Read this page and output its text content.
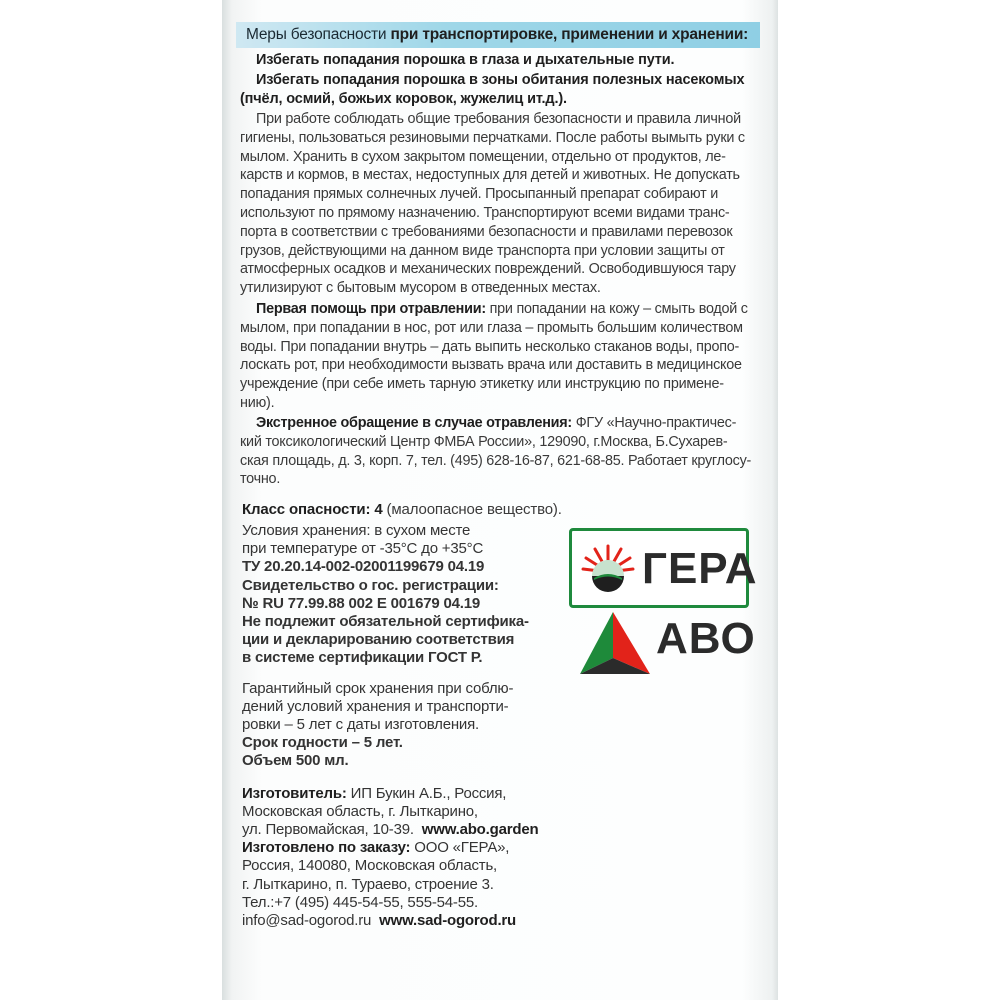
Меры безопасности при транспортировке, применении и хранении:
Избегать попадания порошка в глаза и дыхательные пути.
Избегать попадания порошка в зоны обитания полезных насекомых
(пчёл, осмий, божьих коровок, жужелиц ит.д.).

При работе соблюдать общие требования безопасности и правила личной

гигиены, пользоваться резиновыми перчатками. После работы вымыть руки с

мылом. Хранить в сухом закрытом помещении, отдельно от продуктов, ле-

карств и кормов, в местах, недоступных для детей и животных. Не допускать

попадания прямых солнечных лучей. Просыпанный препарат собирают и

используют по прямому назначению. Транспортируют всеми видами транс-

порта в соответствии с требованиями безопасности и правилами перевозок

грузов, действующими на данном виде транспорта при условии защиты от

атмосферных осадков и механических повреждений. Освободившуюся тару

утилизируют с бытовым мусором в отведенных местах.

Первая помощь при отравлении: при попадании на кожу – смыть водой с

мылом, при попадании в нос, рот или глаза – промыть большим количеством

воды. При попадании внутрь – дать выпить несколько стаканов воды, пропо-

лоскать рот, при необходимости вызвать врача или доставить в медицинское

учреждение (при себе иметь тарную этикетку или инструкцию по примене-

нию).

Экстренное обращение в случае отравления: ФГУ «Научно-практичес-

кий токсикологический Центр ФМБА России», 129090, г.Москва, Б.Сухарев-

ская площадь, д. 3, корп. 7, тел. (495) 628-16-87, 621-68-85. Работает круглосу-

точно.

Класс опасности: 4 (малоопасное вещество).
Условия хранения: в сухом месте
при температуре от -35°С до +35°С
ТУ 20.20.14-002-02001199679 04.19
Свидетельство о гос. регистрации:
№ RU 77.99.88 002 Е 001679 04.19
Не подлежит обязательной сертифика-
ции и декларированию соответствия
в системе сертификации ГОСТ Р.
Гарантийный срок хранения при соблю-
дений условий хранения и транспорти-
ровки – 5 лет с даты изготовления.
Срок годности – 5 лет.
Объем 500 мл.
Изготовитель: ИП Букин А.Б., Россия,
Московская область, г. Лыткарино,
ул. Первомайская, 10-39. www.abo.garden
Изготовлено по заказу: ООО «ГЕРА»,
Россия, 140080, Московская область,
г. Лыткарино, п. Тураево, строение 3.
Тел.:+7 (495) 445-54-55, 555-54-55.
info@sad-ogorod.ru www.sad-ogorod.ru
ГЕРА
АВО
